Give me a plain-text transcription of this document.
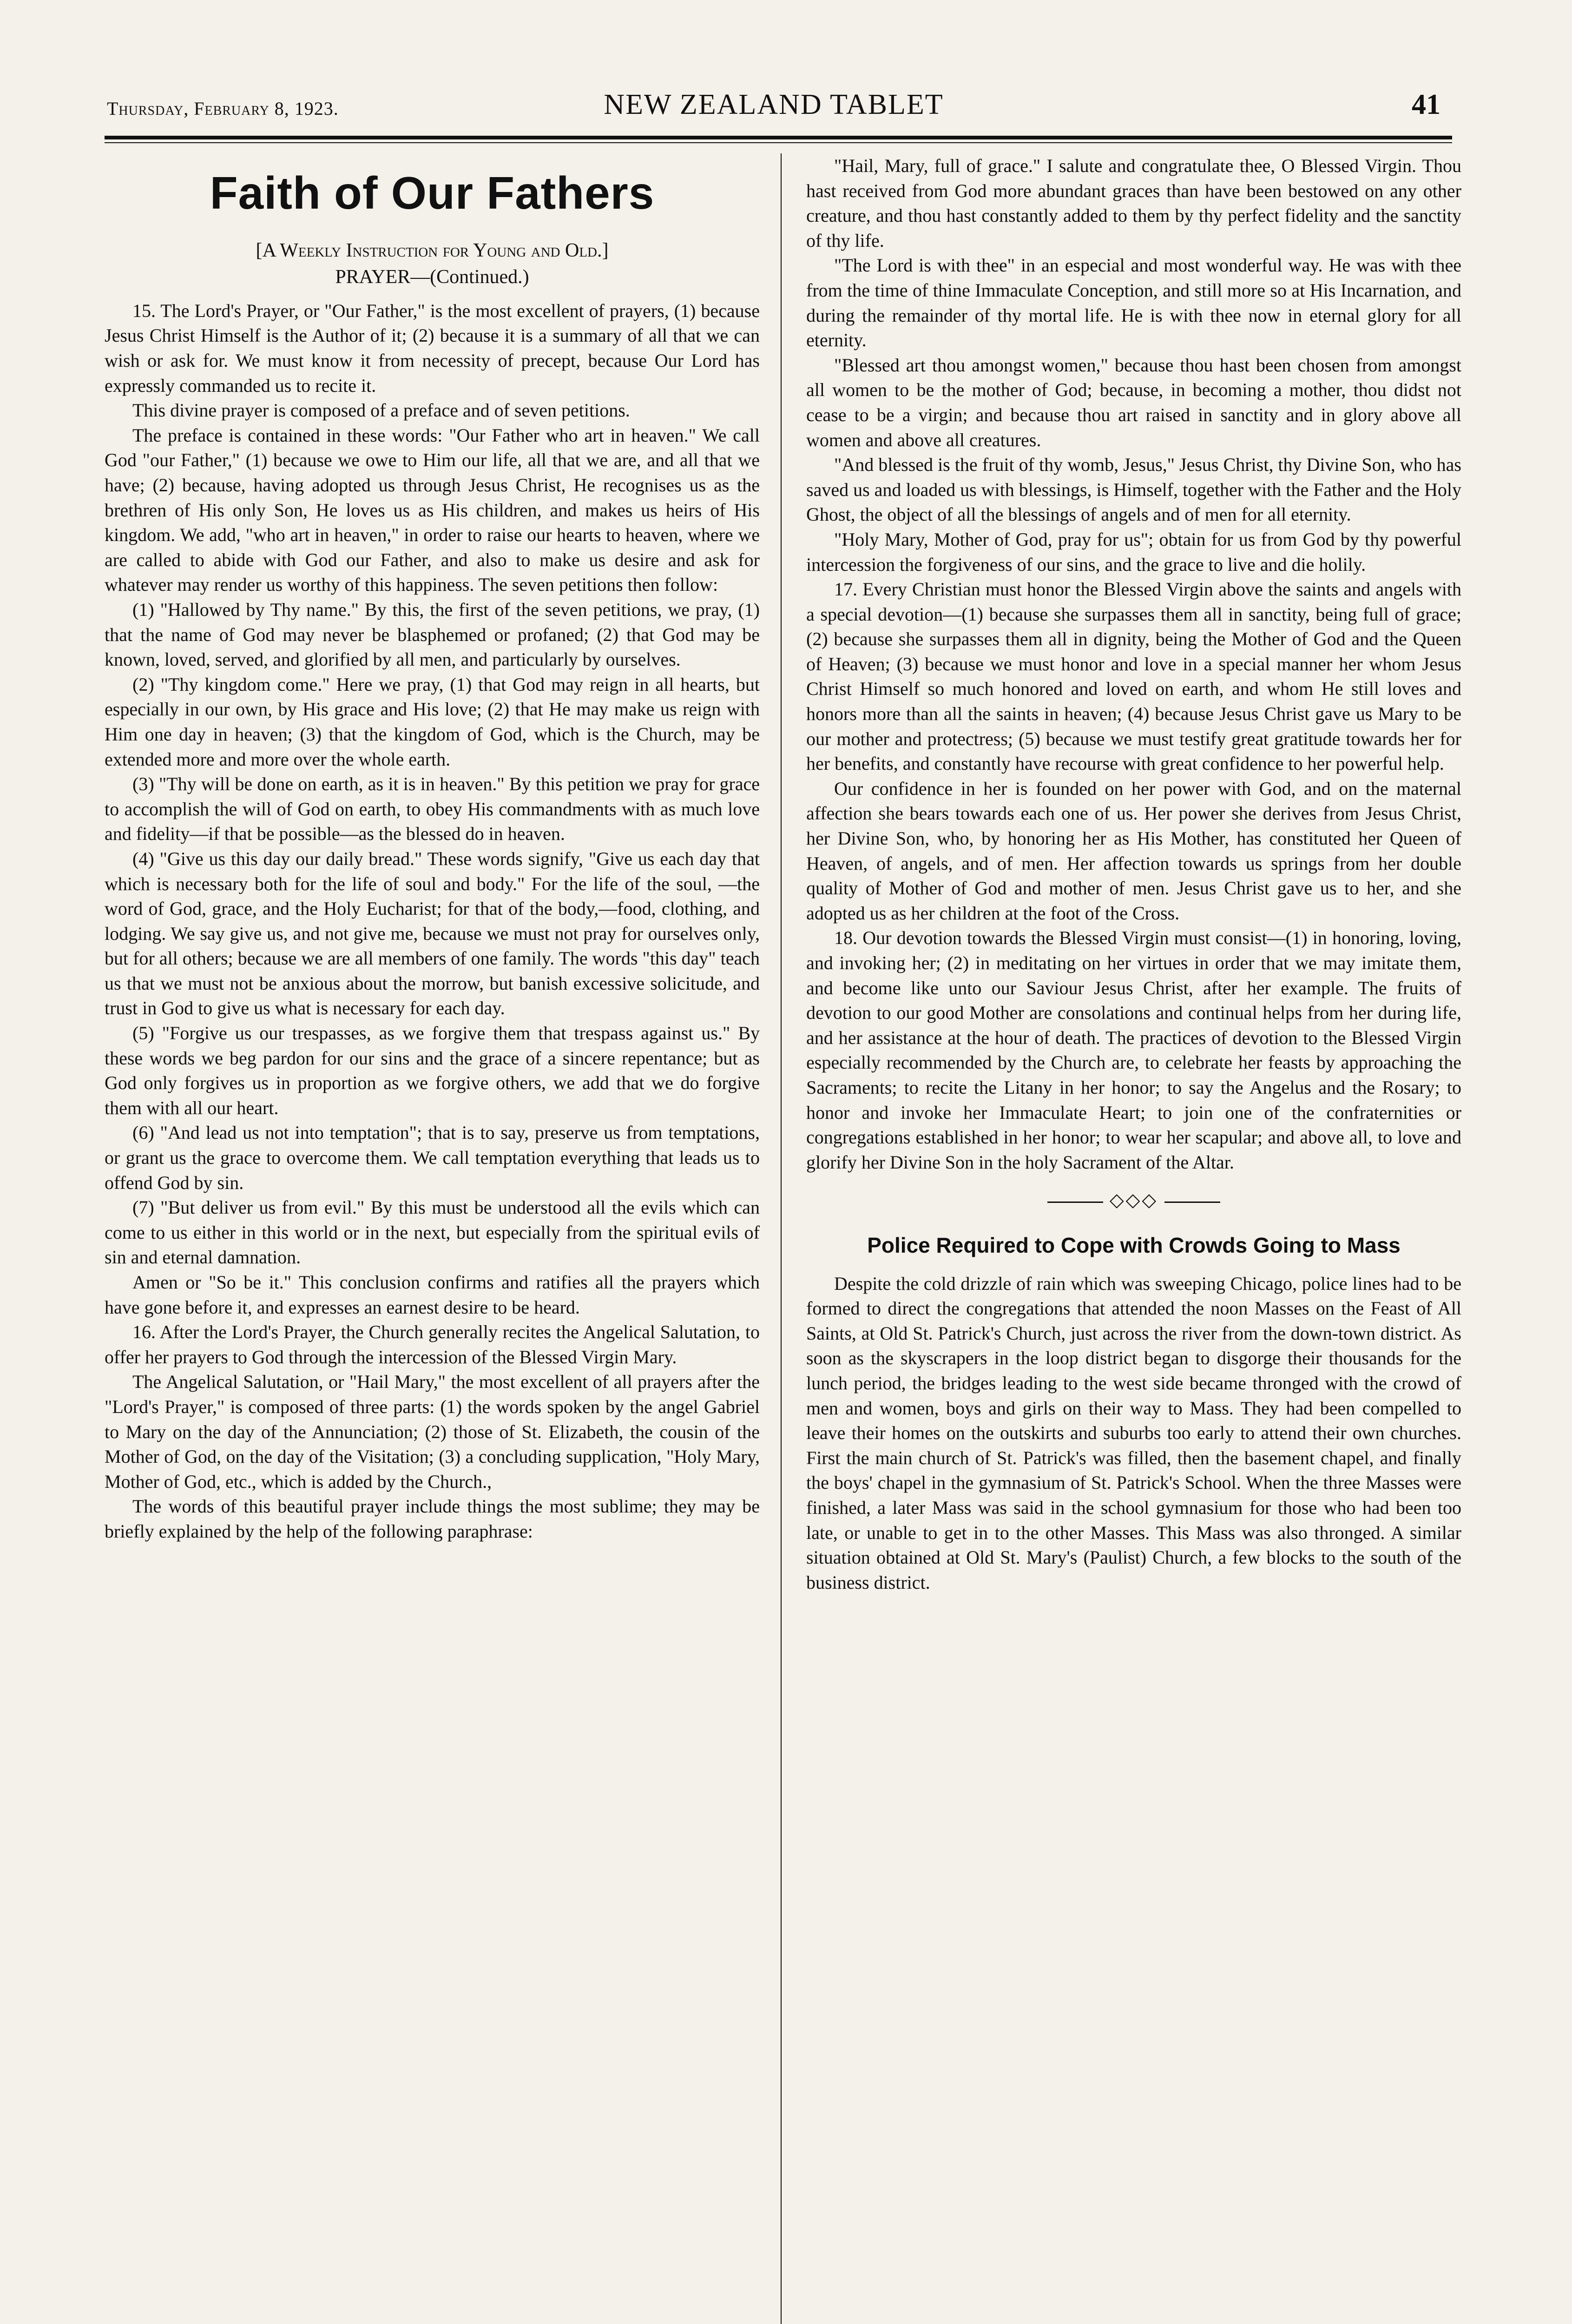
Thursday, February 8, 1923.	NEW ZEALAND TABLET	41
Faith of Our Fathers

[A Weekly Instruction for Young and Old.]

PRAYER—(Continued.)

15. The Lord's Prayer, or "Our Father," is the most excellent of prayers, (1) because Jesus Christ Himself is the Author of it; (2) because it is a summary of all that we can wish or ask for. We must know it from necessity of precept, because Our Lord has expressly commanded us to recite it.

This divine prayer is composed of a preface and of seven petitions.

The preface is contained in these words: "Our Father who art in heaven." We call God "our Father," (1) because we owe to Him our life, all that we are, and all that we have; (2) because, having adopted us through Jesus Christ, He recognises us as the brethren of His only Son, He loves us as His children, and makes us heirs of His kingdom. We add, "who art in heaven," in order to raise our hearts to heaven, where we are called to abide with God our Father, and also to make us desire and ask for whatever may render us worthy of this happiness. The seven petitions then follow:

(1) "Hallowed by Thy name." By this, the first of the seven petitions, we pray, (1) that the name of God may never be blasphemed or profaned; (2) that God may be known, loved, served, and glorified by all men, and particularly by ourselves.

(2) "Thy kingdom come." Here we pray, (1) that God may reign in all hearts, but especially in our own, by His grace and His love; (2) that He may make us reign with Him one day in heaven; (3) that the kingdom of God, which is the Church, may be extended more and more over the whole earth.

(3) "Thy will be done on earth, as it is in heaven." By this petition we pray for grace to accomplish the will of God on earth, to obey His commandments with as much love and fidelity—if that be possible—as the blessed do in heaven.

(4) "Give us this day our daily bread." These words signify, "Give us each day that which is necessary both for the life of soul and body." For the life of the soul, —the word of God, grace, and the Holy Eucharist; for that of the body,—food, clothing, and lodging. We say give us, and not give me, because we must not pray for ourselves only, but for all others; because we are all members of one family. The words "this day" teach us that we must not be anxious about the morrow, but banish excessive solicitude, and trust in God to give us what is necessary for each day.

(5) "Forgive us our trespasses, as we forgive them that trespass against us." By these words we beg pardon for our sins and the grace of a sincere repentance; but as God only forgives us in proportion as we forgive others, we add that we do forgive them with all our heart.

(6) "And lead us not into temptation"; that is to say, preserve us from temptations, or grant us the grace to overcome them. We call temptation everything that leads us to offend God by sin.

(7) "But deliver us from evil." By this must be understood all the evils which can come to us either in this world or in the next, but especially from the spiritual evils of sin and eternal damnation.

Amen or "So be it." This conclusion confirms and ratifies all the prayers which have gone before it, and expresses an earnest desire to be heard.

16. After the Lord's Prayer, the Church generally recites the Angelical Salutation, to offer her prayers to God through the intercession of the Blessed Virgin Mary.

The Angelical Salutation, or "Hail Mary," the most excellent of all prayers after the "Lord's Prayer," is composed of three parts: (1) the words spoken by the angel Gabriel to Mary on the day of the Annunciation; (2) those of St. Elizabeth, the cousin of the Mother of God, on the day of the Visitation; (3) a concluding supplication, "Holy Mary, Mother of God, etc., which is added by the Church.,

The words of this beautiful prayer include things the most sublime; they may be briefly explained by the help of the following paraphrase:

"Hail, Mary, full of grace." I salute and congratulate thee, O Blessed Virgin. Thou hast received from God more abundant graces than have been bestowed on any other creature, and thou hast constantly added to them by thy perfect fidelity and the sanctity of thy life.

"The Lord is with thee" in an especial and most wonderful way. He was with thee from the time of thine Immaculate Conception, and still more so at His Incarnation, and during the remainder of thy mortal life. He is with thee now in eternal glory for all eternity.

"Blessed art thou amongst women," because thou hast been chosen from amongst all women to be the mother of God; because, in becoming a mother, thou didst not cease to be a virgin; and because thou art raised in sanctity and in glory above all women and above all creatures.

"And blessed is the fruit of thy womb, Jesus," Jesus Christ, thy Divine Son, who has saved us and loaded us with blessings, is Himself, together with the Father and the Holy Ghost, the object of all the blessings of angels and of men for all eternity.

"Holy Mary, Mother of God, pray for us"; obtain for us from God by thy powerful intercession the forgiveness of our sins, and the grace to live and die holily.

17. Every Christian must honor the Blessed Virgin above the saints and angels with a special devotion—(1) because she surpasses them all in sanctity, being full of grace; (2) because she surpasses them all in dignity, being the Mother of God and the Queen of Heaven; (3) because we must honor and love in a special manner her whom Jesus Christ Himself so much honored and loved on earth, and whom He still loves and honors more than all the saints in heaven; (4) because Jesus Christ gave us Mary to be our mother and protectress; (5) because we must testify great gratitude towards her for her benefits, and constantly have recourse with great confidence to her powerful help.

Our confidence in her is founded on her power with God, and on the maternal affection she bears towards each one of us. Her power she derives from Jesus Christ, her Divine Son, who, by honoring her as His Mother, has constituted her Queen of Heaven, of angels, and of men. Her affection towards us springs from her double quality of Mother of God and mother of men. Jesus Christ gave us to her, and she adopted us as her children at the foot of the Cross.

18. Our devotion towards the Blessed Virgin must consist—(1) in honoring, loving, and invoking her; (2) in meditating on her virtues in order that we may imitate them, and become like unto our Saviour Jesus Christ, after her example. The fruits of devotion to our good Mother are consolations and continual helps from her during life, and her assistance at the hour of death. The practices of devotion to the Blessed Virgin especially recommended by the Church are, to celebrate her feasts by approaching the Sacraments; to recite the Litany in her honor; to say the Angelus and the Rosary; to honor and invoke her Immaculate Heart; to join one of the confraternities or congregations established in her honor; to wear her scapular; and above all, to love and glorify her Divine Son in the holy Sacrament of the Altar.

◇◇◇
Police Required to Cope with Crowds Going to Mass

Despite the cold drizzle of rain which was sweeping Chicago, police lines had to be formed to direct the congregations that attended the noon Masses on the Feast of All Saints, at Old St. Patrick's Church, just across the river from the down-town district. As soon as the skyscrapers in the loop district began to disgorge their thousands for the lunch period, the bridges leading to the west side became thronged with the crowd of men and women, boys and girls on their way to Mass. They had been compelled to leave their homes on the outskirts and suburbs too early to attend their own churches. First the main church of St. Patrick's was filled, then the basement chapel, and finally the boys' chapel in the gymnasium of St. Patrick's School. When the three Masses were finished, a later Mass was said in the school gymnasium for those who had been too late, or unable to get in to the other Masses. This Mass was also thronged. A similar situation obtained at Old St. Mary's (Paulist) Church, a few blocks to the south of the business district.
